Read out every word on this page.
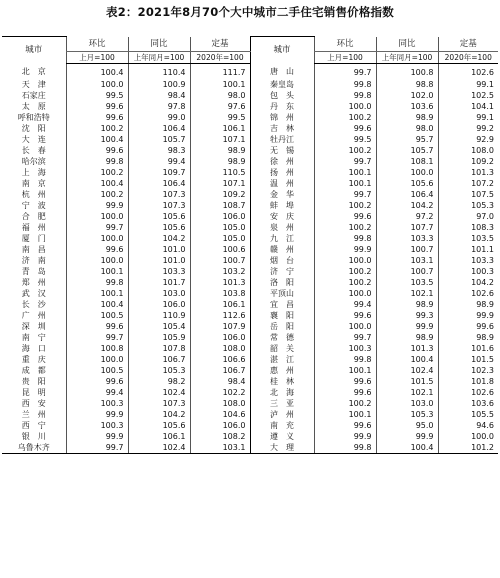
表2：2021年8月70个大中城市二手住宅销售价格指数
城市	环比	同比	定基	城市	环比	同比	定基
	上月=100	上年同月=100	2020年=100		上月=100	上年同月=100	2020年=100
北　京	100.4	110.4	111.7	唐　山	99.7	100.8	102.6
天　津	100.0	100.9	100.1	秦皇岛	99.8	98.8	99.1
石家庄	99.5	98.4	98.0	包　头	99.8	102.0	102.5
太　原	99.6	97.8	97.6	丹　东	100.0	103.6	104.1
呼和浩特	99.6	99.0	99.5	锦　州	100.2	98.9	99.1
沈　阳	100.2	106.4	106.1	吉　林	99.6	98.0	99.2
大　连	100.4	105.7	107.1	牡丹江	99.5	95.7	92.9
长　春	99.6	98.3	98.9	无　锡	100.2	105.7	108.0
哈尔滨	99.8	99.4	98.9	徐　州	99.7	108.1	109.2
上　海	100.2	109.7	110.5	扬　州	100.1	100.0	101.3
南　京	100.4	106.4	107.1	温　州	100.1	105.6	107.2
杭　州	100.2	107.3	109.2	金　华	99.7	106.4	107.5
宁　波	99.9	107.3	108.7	蚌　埠	100.2	104.2	105.3
合　肥	100.0	105.6	106.0	安　庆	99.6	97.2	97.0
福　州	99.7	105.6	105.0	泉　州	100.2	107.7	108.3
厦　门	100.0	104.2	105.0	九　江	99.8	103.3	103.5
南　昌	99.6	101.0	100.6	赣　州	99.9	100.7	101.1
济　南	100.0	101.0	100.7	烟　台	100.0	103.1	103.3
青　岛	100.1	103.3	103.2	济　宁	100.2	100.7	100.3
郑　州	99.8	101.7	101.3	洛　阳	100.2	103.5	104.2
武　汉	100.1	103.0	103.8	平顶山	100.0	102.1	102.6
长　沙	100.4	106.0	106.1	宜　昌	99.4	98.9	98.9
广　州	100.5	110.9	112.6	襄　阳	99.6	99.3	99.9
深　圳	99.6	105.4	107.9	岳　阳	100.0	99.9	99.6
南　宁	99.7	105.9	106.0	常　德	99.7	98.9	98.9
海　口	100.8	107.8	108.0	韶　关	100.3	101.3	101.6
重　庆	100.0	106.7	106.6	湛　江	99.8	100.4	101.5
成　都	100.5	105.3	106.7	惠　州	100.1	102.4	102.3
贵　阳	99.6	98.2	98.4	桂　林	99.6	101.5	101.8
昆　明	99.4	102.4	102.2	北　海	99.6	102.1	102.6
西　安	100.3	107.3	108.0	三　亚	100.2	103.0	103.6
兰　州	99.9	104.2	104.6	泸　州	100.1	105.3	105.5
西　宁	100.3	105.6	106.0	南　充	99.6	95.0	94.6
银　川	99.9	106.1	108.2	遵　义	99.9	99.9	100.0
乌鲁木齐	99.7	102.4	103.1	大　理	99.8	100.4	101.2
